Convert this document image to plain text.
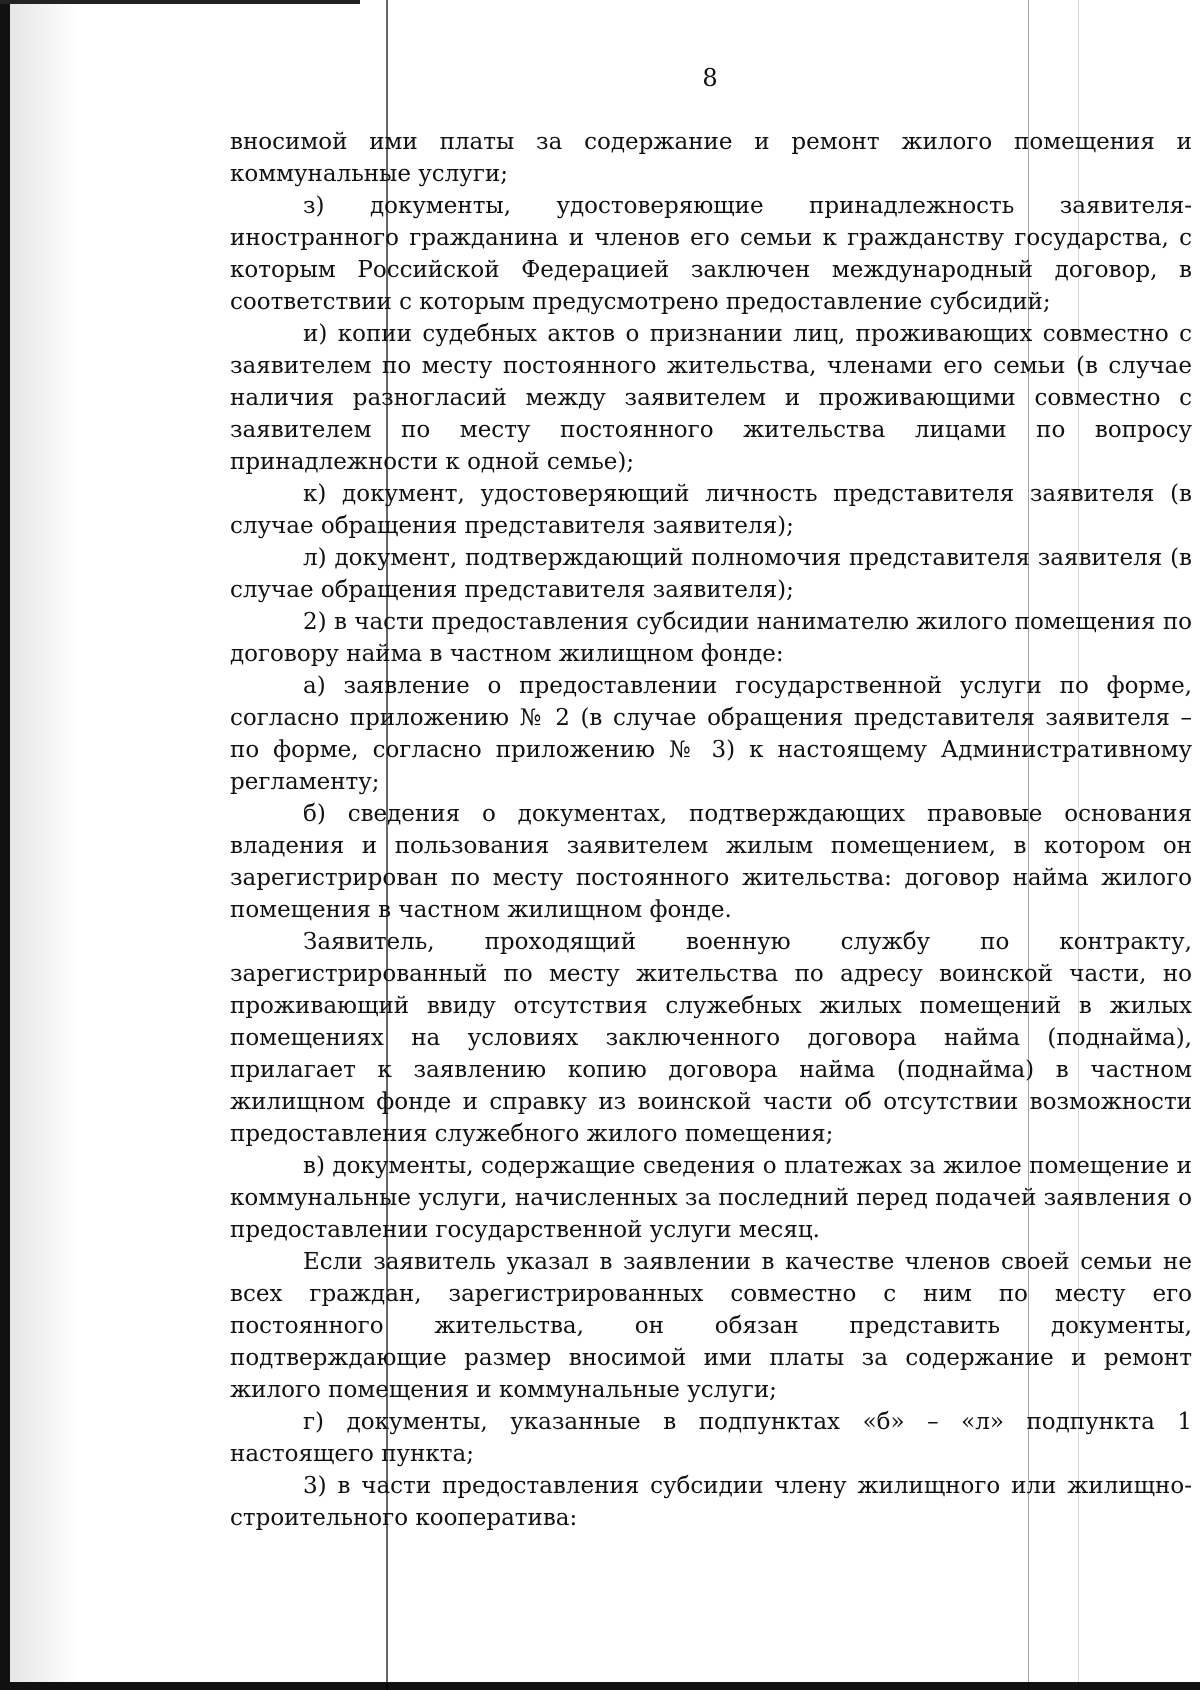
8

вносимой ими платы за содержание и ремонт жилого помещения и коммунальные услуги;

з) документы, удостоверяющие принадлежность заявителя-иностранного гражданина и членов его семьи к гражданству государства, с которым Российской Федерацией заключен международный договор, в соответствии с которым предусмотрено предоставление субсидий;

и) копии судебных актов о признании лиц, проживающих совместно с заявителем по месту постоянного жительства, членами его семьи (в случае наличия разногласий между заявителем и проживающими совместно с заявителем по месту постоянного жительства лицами по вопросу принадлежности к одной семье);

к) документ, удостоверяющий личность представителя заявителя (в случае обращения представителя заявителя);

л) документ, подтверждающий полномочия представителя заявителя (в случае обращения представителя заявителя);

2) в части предоставления субсидии нанимателю жилого помещения по договору найма в частном жилищном фонде:

а) заявление о предоставлении государственной услуги по форме, согласно приложению № 2 (в случае обращения представителя заявителя – по форме, согласно приложению № 3) к настоящему Административному регламенту;

б) сведения о документах, подтверждающих правовые основания владения и пользования заявителем жилым помещением, в котором он зарегистрирован по месту постоянного жительства: договор найма жилого помещения в частном жилищном фонде.

Заявитель, проходящий военную службу по контракту, зарегистрированный по месту жительства по адресу воинской части, но проживающий ввиду отсутствия служебных жилых помещений в жилых помещениях на условиях заключенного договора найма (поднайма), прилагает к заявлению копию договора найма (поднайма) в частном жилищном фонде и справку из воинской части об отсутствии возможности предоставления служебного жилого помещения;

в) документы, содержащие сведения о платежах за жилое помещение и коммунальные услуги, начисленных за последний перед подачей заявления о предоставлении государственной услуги месяц.

Если заявитель указал в заявлении в качестве членов своей семьи не всех граждан, зарегистрированных совместно с ним по месту его постоянного жительства, он обязан представить документы, подтверждающие размер вносимой ими платы за содержание и ремонт жилого помещения и коммунальные услуги;

г) документы, указанные в подпунктах «б» – «л» подпункта 1 настоящего пункта;

3) в части предоставления субсидии члену жилищного или жилищно-строительного кооператива:
